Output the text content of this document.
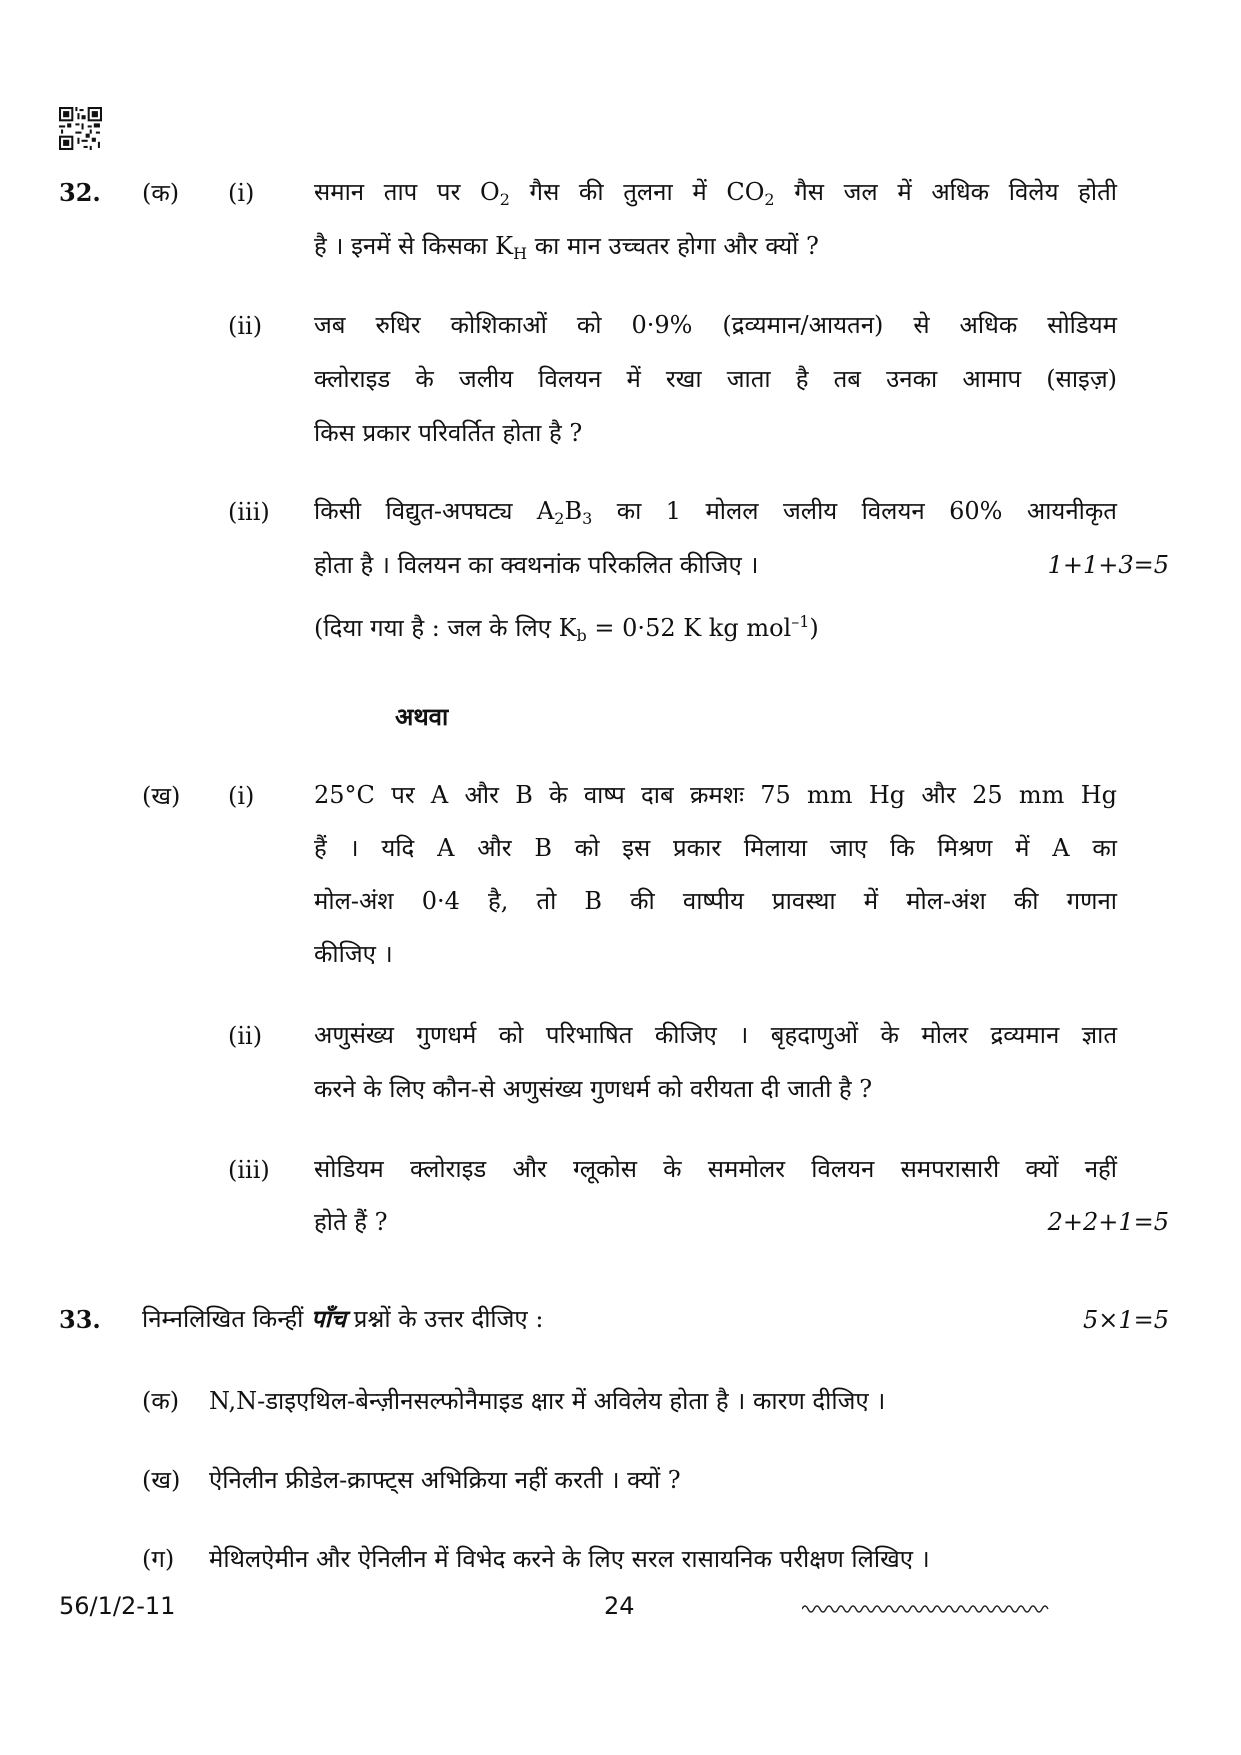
32. (क) (i) समान ताप पर $O_2$ गैस की तुलना में $CO_2$ गैस जल में अधिक विलेय होती
है । इनमें से किसका $K_H$ का मान उच्चतर होगा और क्यों ?
(ii) जब रुधिर कोशिकाओं को 0·9% (द्रव्यमान/आयतन) से अधिक सोडियम
क्लोराइड के जलीय विलयन में रखा जाता है तब उनका आमाप (साइज़)
किस प्रकार परिवर्तित होता है ?
(iii) किसी विद्युत-अपघट्य $A_2B_3$ का 1 मोलल जलीय विलयन 60% आयनीकृत
होता है । विलयन का क्वथनांक परिकलित कीजिए ।	1+1+3=5
(दिया गया है : जल के लिए $K_b = 0\cdot 52$ K kg mol$^{-1}$)
अथवा
(ख) (i) 25°C पर A और B के वाष्प दाब क्रमशः 75 mm Hg और 25 mm Hg
हैं । यदि A और B को इस प्रकार मिलाया जाए कि मिश्रण में A का
मोल-अंश 0·4 है, तो B की वाष्पीय प्रावस्था में मोल-अंश की गणना
कीजिए ।
(ii) अणुसंख्य गुणधर्म को परिभाषित कीजिए । बृहदाणुओं के मोलर द्रव्यमान ज्ञात
करने के लिए कौन-से अणुसंख्य गुणधर्म को वरीयता दी जाती है ?
(iii) सोडियम क्लोराइड और ग्लूकोस के सममोलर विलयन समपरासारी क्यों नहीं
होते हैं ?	2+2+1=5
33. निम्नलिखित किन्हीं पाँच प्रश्नों के उत्तर दीजिए :	5×1=5
(क) N,N-डाइएथिल-बेन्ज़ीनसल्फोनैमाइड क्षार में अविलेय होता है । कारण दीजिए ।
(ख) ऐनिलीन फ्रीडेल-क्राफ्ट्स अभिक्रिया नहीं करती । क्यों ?
(ग) मेथिलऐमीन और ऐनिलीन में विभेद करने के लिए सरल रासायनिक परीक्षण लिखिए ।
56/1/2-11	24
